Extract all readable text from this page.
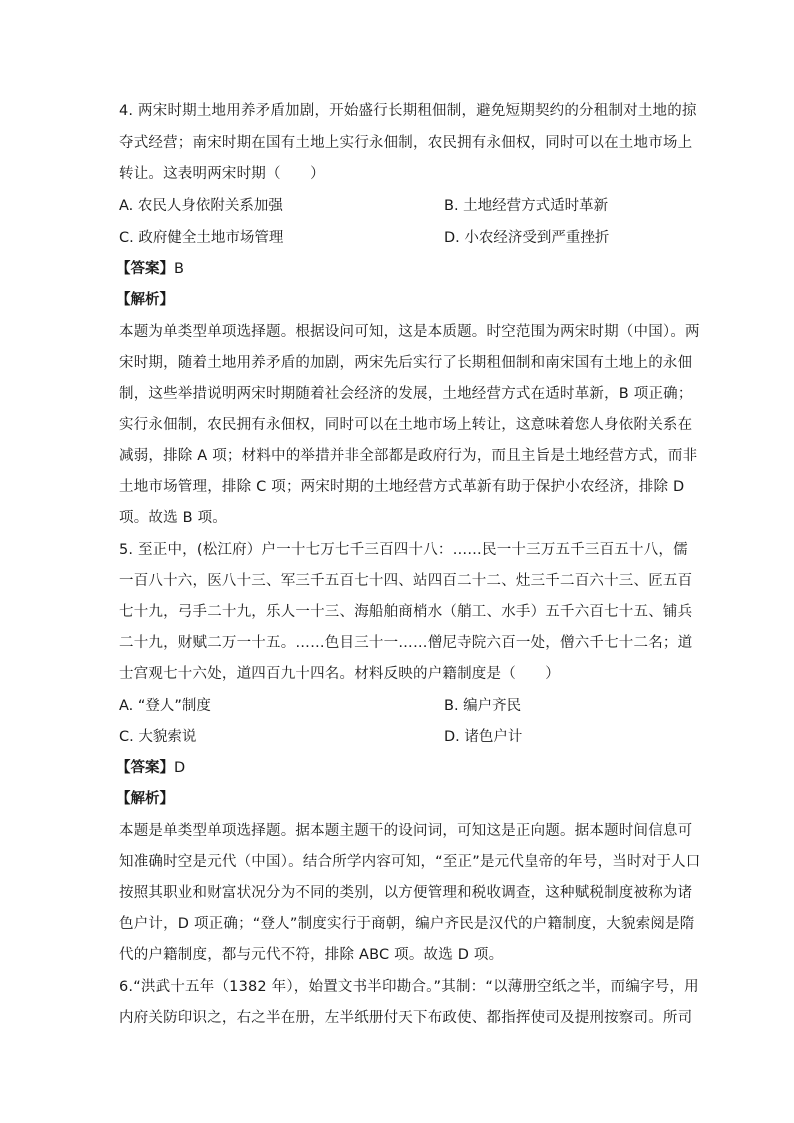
4. 两宋时期土地用养矛盾加剧，开始盛行长期租佃制，避免短期契约的分租制对土地的掠
夺式经营；南宋时期在国有土地上实行永佃制，农民拥有永佃权，同时可以在土地市场上
转让。这表明两宋时期（　　）
A. 农民人身依附关系加强	B. 土地经营方式适时革新
C. 政府健全土地市场管理	D. 小农经济受到严重挫折
【答案】B
【解析】
本题为单类型单项选择题。根据设问可知，这是本质题。时空范围为两宋时期（中国）。两
宋时期，随着土地用养矛盾的加剧，两宋先后实行了长期租佃制和南宋国有土地上的永佃
制，这些举措说明两宋时期随着社会经济的发展，土地经营方式在适时革新，B 项正确；
实行永佃制，农民拥有永佃权，同时可以在土地市场上转让，这意味着您人身依附关系在
减弱，排除 A 项；材料中的举措并非全部都是政府行为，而且主旨是土地经营方式，而非
土地市场管理，排除 C 项；两宋时期的土地经营方式革新有助于保护小农经济，排除 D
项。故选 B 项。
5. 至正中，(松江府）户一十七万七千三百四十八：……民一十三万五千三百五十八，儒
一百八十六，医八十三、军三千五百七十四、站四百二十二、灶三千二百六十三、匠五百
七十九，弓手二十九，乐人一十三、海船舶商梢水（艄工、水手）五千六百七十五、铺兵
二十九，财赋二万一十五。……色目三十一……僧尼寺院六百一处，僧六千七十二名；道
士宫观七十六处，道四百九十四名。材料反映的户籍制度是（　　）
A. “登人”制度	B. 编户齐民
C. 大貌索说	D. 诸色户计
【答案】D
【解析】
本题是单类型单项选择题。据本题主题干的设问词，可知这是正向题。据本题时间信息可
知准确时空是元代（中国）。结合所学内容可知，“至正”是元代皇帝的年号，当时对于人口
按照其职业和财富状况分为不同的类别，以方便管理和税收调查，这种赋税制度被称为诸
色户计，D 项正确；“登人”制度实行于商朝，编户齐民是汉代的户籍制度，大貌索阅是隋
代的户籍制度，都与元代不符，排除 ABC 项。故选 D 项。
6.“洪武十五年（1382 年），始置文书半印勘合。”其制：“以薄册空纸之半，而编字号，用
内府关防印识之，右之半在册，左半纸册付天下布政使、都指挥使司及提刑按察司。所司
